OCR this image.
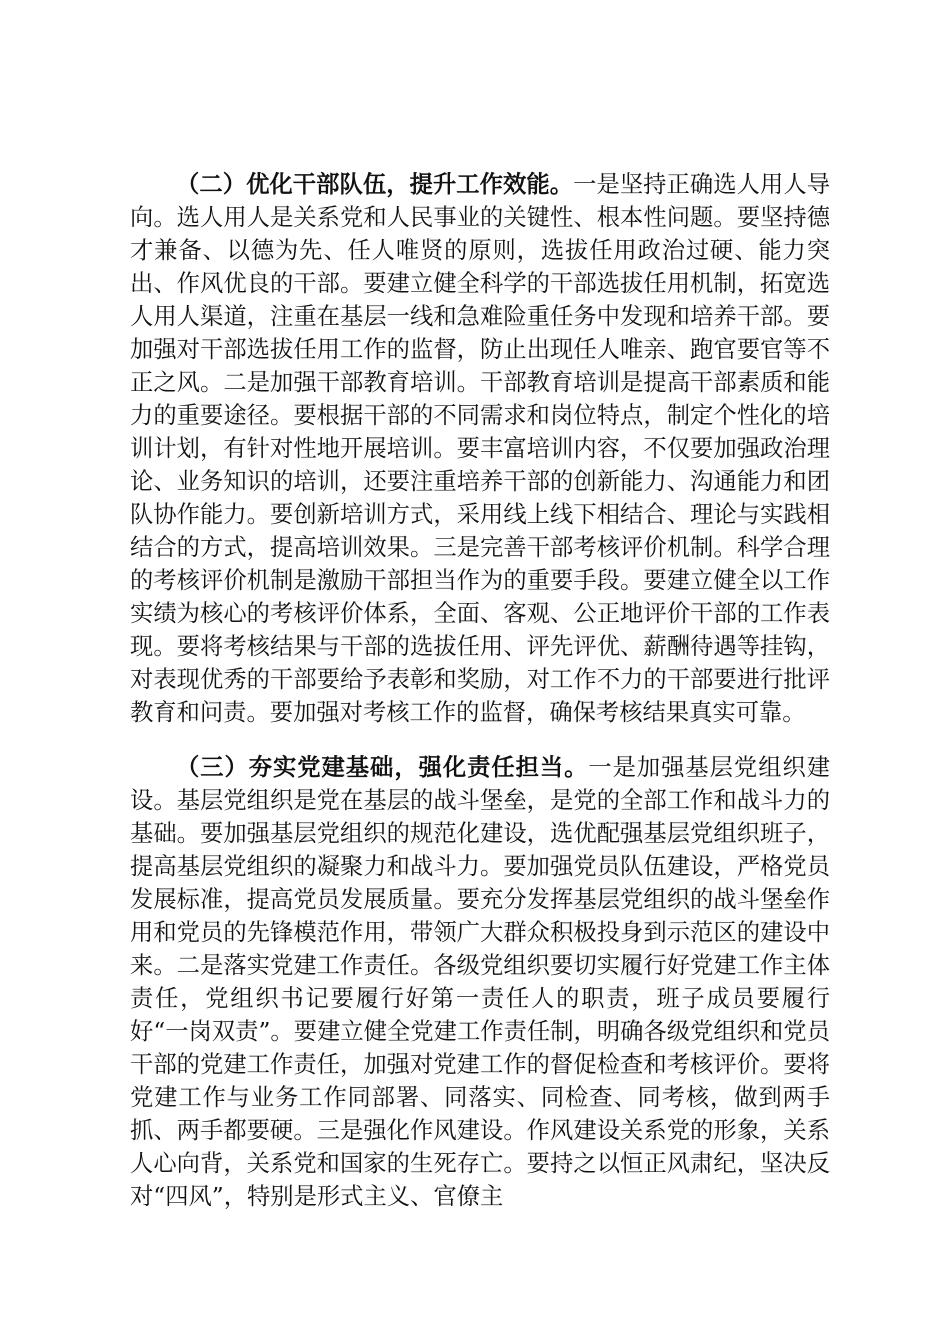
（二）优化干部队伍，提升工作效能。一是坚持正确选人用人导向。选人用人是关系党和人民事业的关键性、根本性问题。要坚持德才兼备、以德为先、任人唯贤的原则，选拔任用政治过硬、能力突出、作风优良的干部。要建立健全科学的干部选拔任用机制，拓宽选人用人渠道，注重在基层一线和急难险重任务中发现和培养干部。要加强对干部选拔任用工作的监督，防止出现任人唯亲、跑官要官等不正之风。二是加强干部教育培训。干部教育培训是提高干部素质和能力的重要途径。要根据干部的不同需求和岗位特点，制定个性化的培训计划，有针对性地开展培训。要丰富培训内容，不仅要加强政治理论、业务知识的培训，还要注重培养干部的创新能力、沟通能力和团队协作能力。要创新培训方式，采用线上线下相结合、理论与实践相结合的方式，提高培训效果。三是完善干部考核评价机制。科学合理的考核评价机制是激励干部担当作为的重要手段。要建立健全以工作实绩为核心的考核评价体系，全面、客观、公正地评价干部的工作表现。要将考核结果与干部的选拔任用、评先评优、薪酬待遇等挂钩，对表现优秀的干部要给予表彰和奖励，对工作不力的干部要进行批评教育和问责。要加强对考核工作的监督，确保考核结果真实可靠。

（三）夯实党建基础，强化责任担当。一是加强基层党组织建设。基层党组织是党在基层的战斗堡垒，是党的全部工作和战斗力的基础。要加强基层党组织的规范化建设，选优配强基层党组织班子，提高基层党组织的凝聚力和战斗力。要加强党员队伍建设，严格党员发展标准，提高党员发展质量。要充分发挥基层党组织的战斗堡垒作用和党员的先锋模范作用，带领广大群众积极投身到示范区的建设中来。二是落实党建工作责任。各级党组织要切实履行好党建工作主体责任，党组织书记要履行好第一责任人的职责，班子成员要履行好“一岗双责”。要建立健全党建工作责任制，明确各级党组织和党员干部的党建工作责任，加强对党建工作的督促检查和考核评价。要将党建工作与业务工作同部署、同落实、同检查、同考核，做到两手抓、两手都要硬。三是强化作风建设。作风建设关系党的形象，关系人心向背，关系党和国家的生死存亡。要持之以恒正风肃纪，坚决反对“四风”，特别是形式主义、官僚主
